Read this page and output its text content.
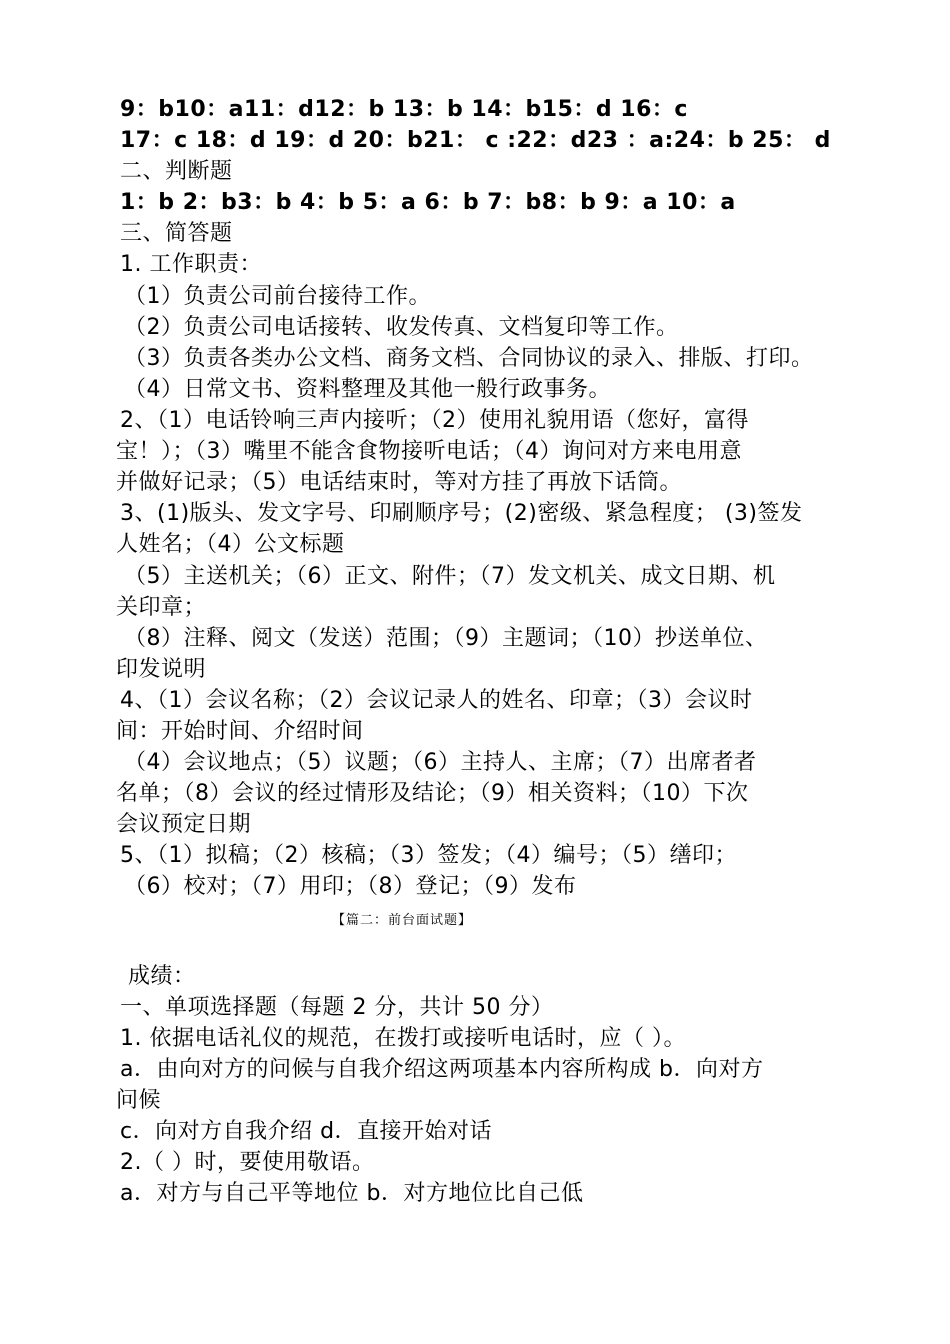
9：b10：a11：d12：b 13：b 14：b15：d 16：c
17：c 18：d 19：d 20：b21： c :22：d23 ：a:24：b 25： d
二、判断题
1：b 2：b3：b 4：b 5：a 6：b 7：b8：b 9：a 10：a
三、简答题
1. 工作职责：
（1）负责公司前台接待工作。
（2）负责公司电话接转、收发传真、文档复印等工作。
（3）负责各类办公文档、商务文档、合同协议的录入、排版、打印。
（4）日常文书、资料整理及其他一般行政事务。
2、（1）电话铃响三声内接听；（2）使用礼貌用语（您好，富得
宝！）；（3）嘴里不能含食物接听电话；（4）询问对方来电用意
并做好记录；（5）电话结束时，等对方挂了再放下话筒。
3、(1)版头、发文字号、印刷顺序号；(2)密级、紧急程度； (3)签发
人姓名；（4）公文标题
（5）主送机关；（6）正文、附件；（7）发文机关、成文日期、机
关印章；
（8）注释、阅文（发送）范围；（9）主题词；（10）抄送单位、
印发说明
4、（1）会议名称；（2）会议记录人的姓名、印章；（3）会议时
间：开始时间、介绍时间
（4）会议地点；（5）议题；（6）主持人、主席；（7）出席者者
名单；（8）会议的经过情形及结论；（9）相关资料；（10）下次
会议预定日期
5、（1）拟稿；（2）核稿；（3）签发；（4）编号；（5）缮印；
（6）校对；（7）用印；（8）登记；（9）发布
【篇二：前台面试题】
成绩：
一、单项选择题（每题 2 分，共计 50 分）
1. 依据电话礼仪的规范，在拨打或接听电话时，应（ ）。
a．由向对方的问候与自我介绍这两项基本内容所构成 b．向对方
问候
c．向对方自我介绍 d．直接开始对话
2.（ ）时，要使用敬语。
a．对方与自己平等地位 b．对方地位比自己低
